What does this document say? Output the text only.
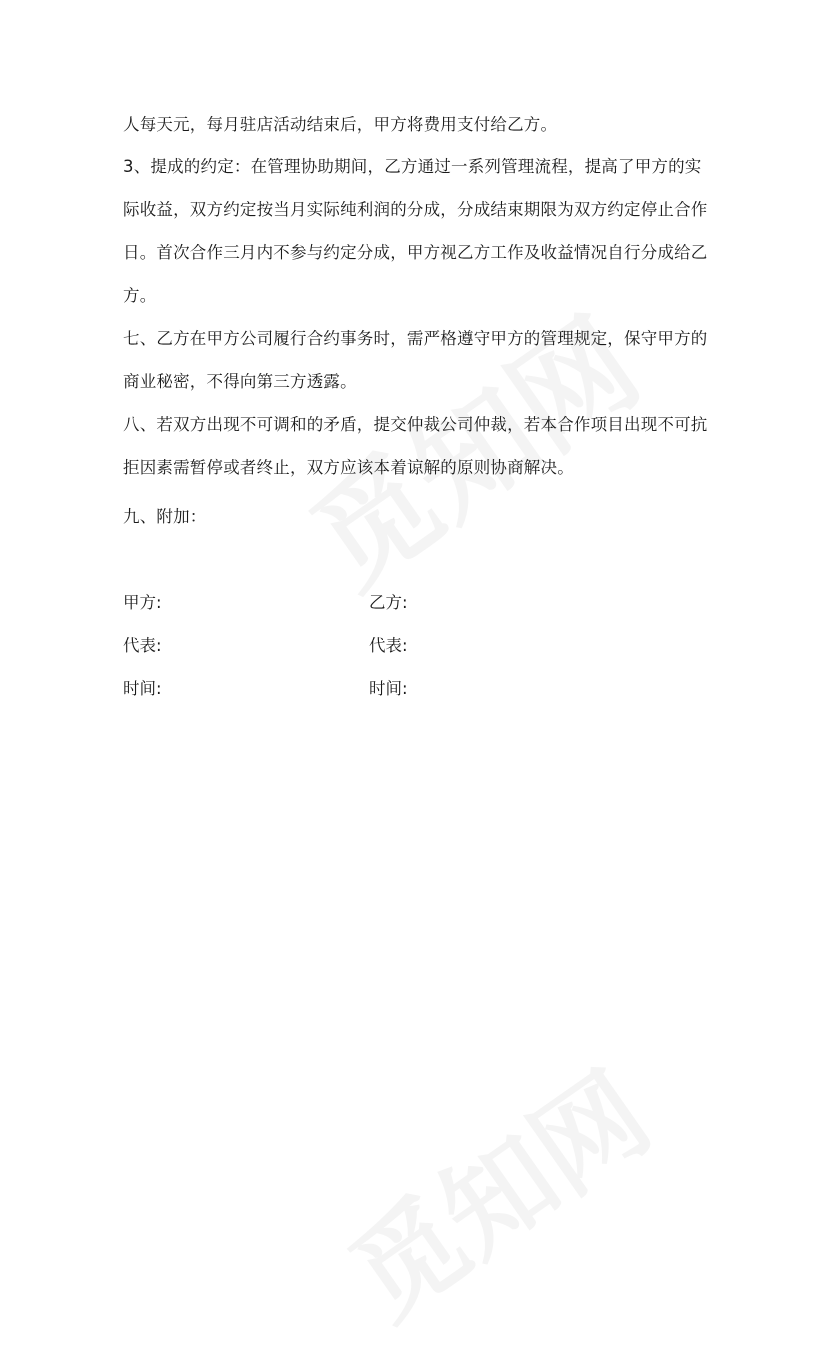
人每天元，每月驻店活动结束后，甲方将费用支付给乙方。
3、提成的约定：在管理协助期间，乙方通过一系列管理流程，提高了甲方的实
际收益，双方约定按当月实际纯利润的分成，分成结束期限为双方约定停止合作
日。首次合作三月内不参与约定分成，甲方视乙方工作及收益情况自行分成给乙
方。
七、乙方在甲方公司履行合约事务时，需严格遵守甲方的管理规定，保守甲方的
商业秘密，不得向第三方透露。
八、若双方出现不可调和的矛盾，提交仲裁公司仲裁，若本合作项目出现不可抗
拒因素需暂停或者终止，双方应该本着谅解的原则协商解决。
九、附加：
甲方:	乙方:
代表:	代表:
时间:	时间:
